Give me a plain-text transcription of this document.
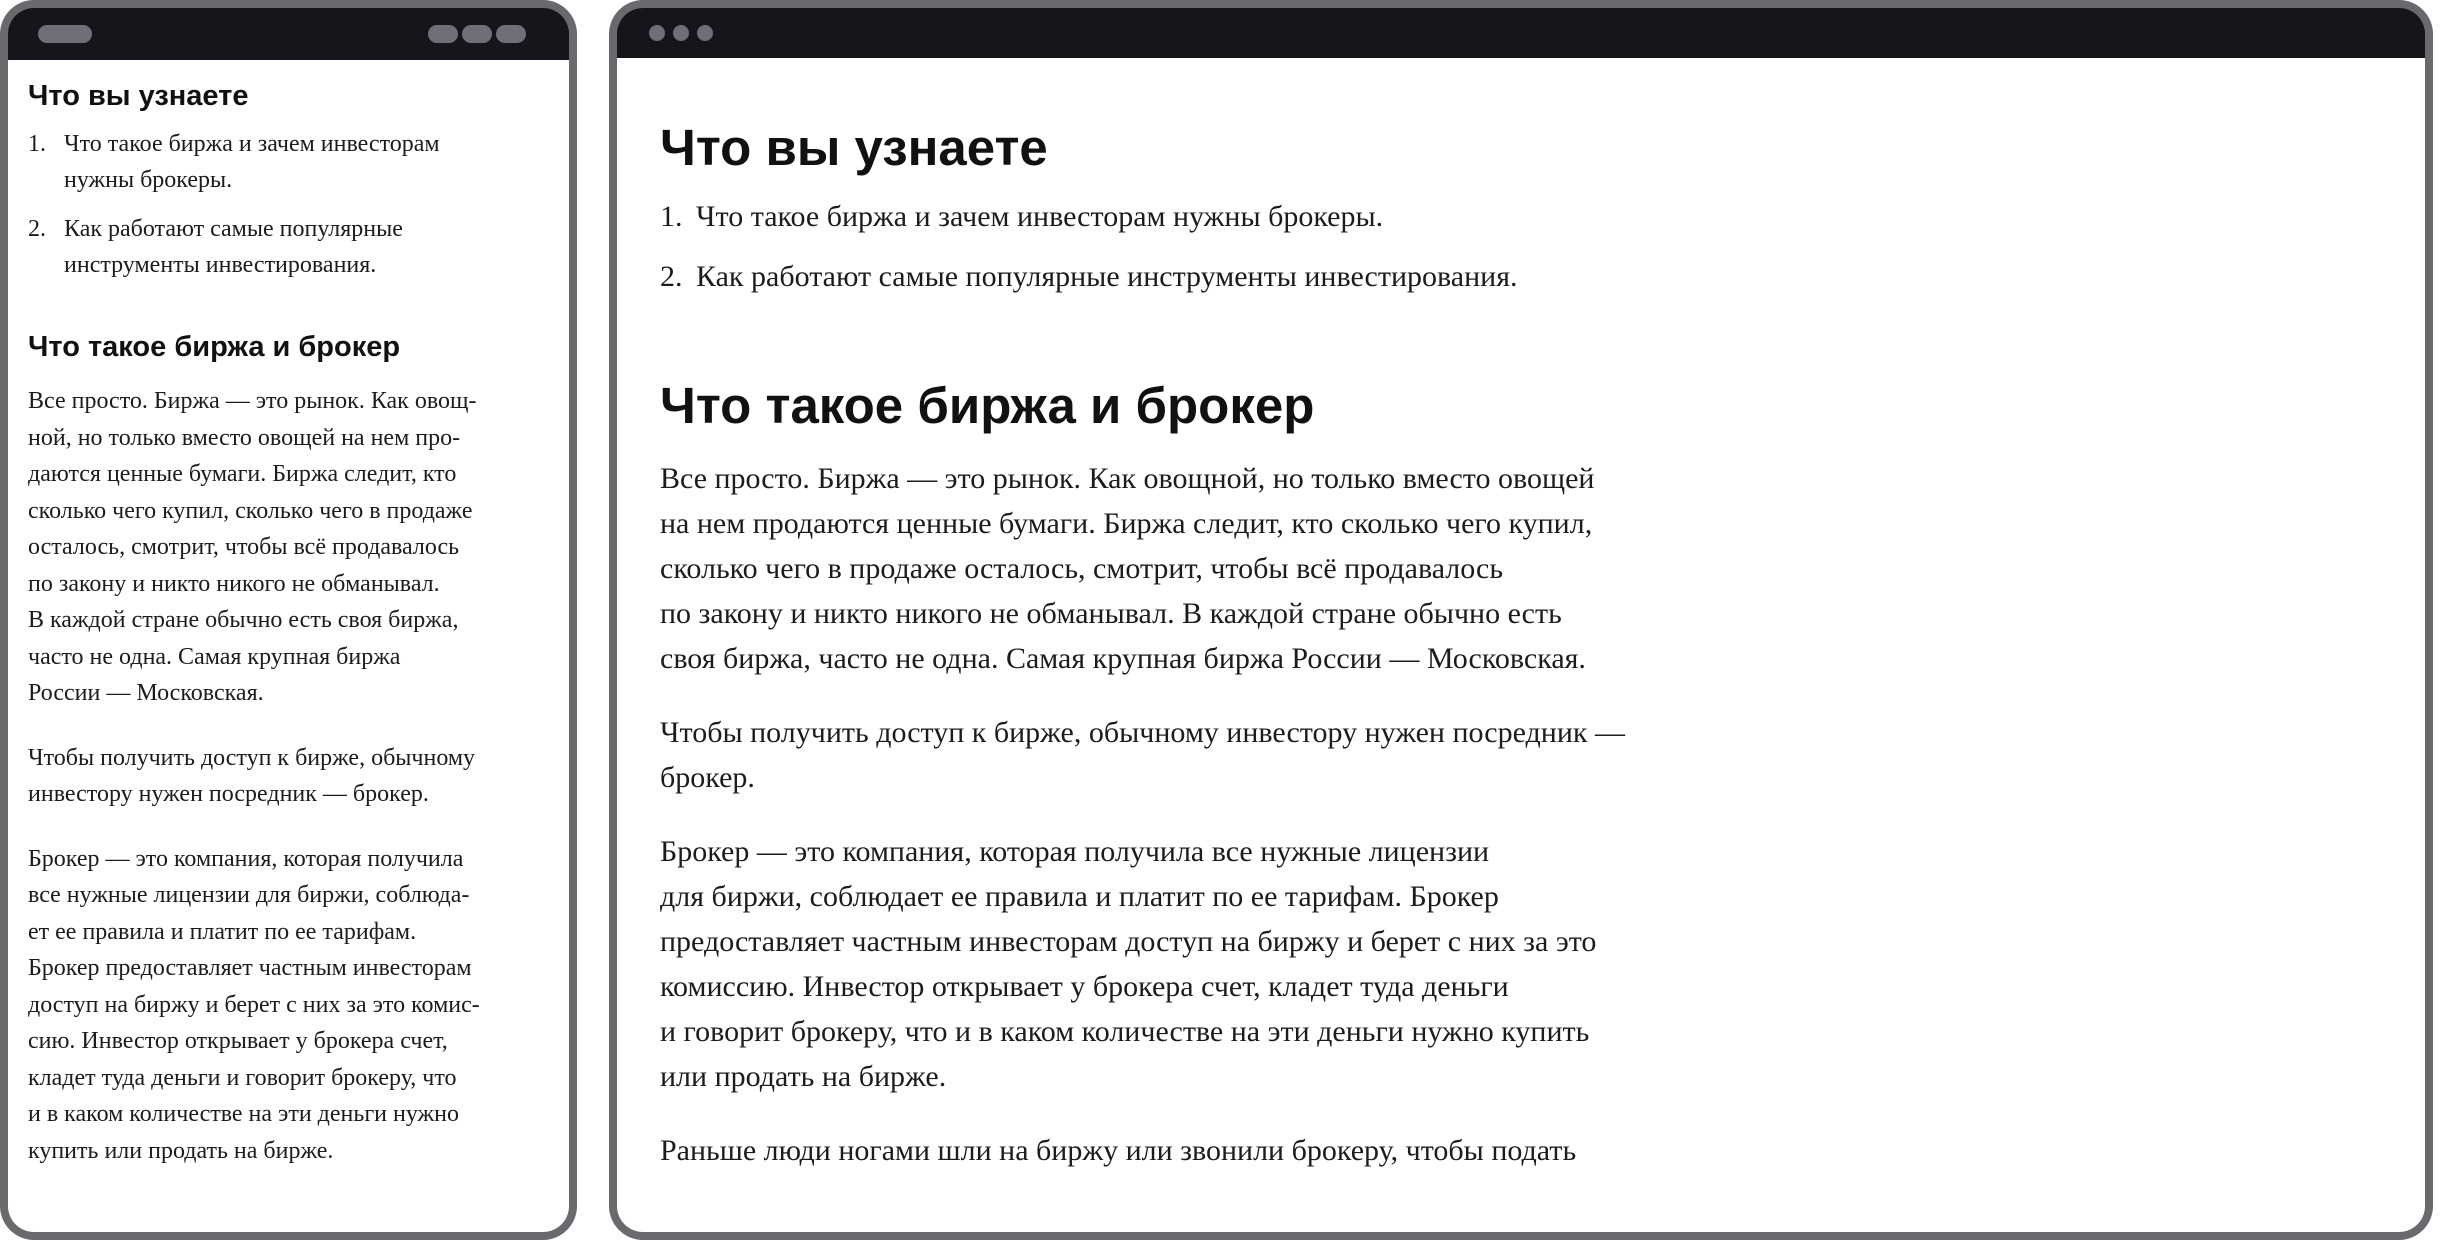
Что вы узнаете
1. Что такое биржа и зачем инвесторам
нужны брокеры.
2. Как работают самые популярные
инструменты инвестирования.
Что такое биржа и брокер
Все просто. Биржа — это рынок. Как овощ-
ной, но только вместо овощей на нем про-
даются ценные бумаги. Биржа следит, кто
сколько чего купил, сколько чего в продаже
осталось, смотрит, чтобы всё продавалось
по закону и никто никого не обманывал.
В каждой стране обычно есть своя биржа,
часто не одна. Самая крупная биржа
России — Московская.
Чтобы получить доступ к бирже, обычному
инвестору нужен посредник — брокер.
Брокер — это компания, которая получила
все нужные лицензии для биржи, соблюда-
ет ее правила и платит по ее тарифам.
Брокер предоставляет частным инвесторам
доступ на биржу и берет с них за это комис-
сию. Инвестор открывает у брокера счет,
кладет туда деньги и говорит брокеру, что
и в каком количестве на эти деньги нужно
купить или продать на бирже.
Что вы узнаете
1. Что такое биржа и зачем инвесторам нужны брокеры.
2. Как работают самые популярные инструменты инвестирования.
Что такое биржа и брокер
Все просто. Биржа — это рынок. Как овощной, но только вместо овощей
на нем продаются ценные бумаги. Биржа следит, кто сколько чего купил,
сколько чего в продаже осталось, смотрит, чтобы всё продавалось
по закону и никто никого не обманывал. В каждой стране обычно есть
своя биржа, часто не одна. Самая крупная биржа России — Московская.
Чтобы получить доступ к бирже, обычному инвестору нужен посредник —
брокер.
Брокер — это компания, которая получила все нужные лицензии
для биржи, соблюдает ее правила и платит по ее тарифам. Брокер
предоставляет частным инвесторам доступ на биржу и берет с них за это
комиссию. Инвестор открывает у брокера счет, кладет туда деньги
и говорит брокеру, что и в каком количестве на эти деньги нужно купить
или продать на бирже.
Раньше люди ногами шли на биржу или звонили брокеру, чтобы подать
